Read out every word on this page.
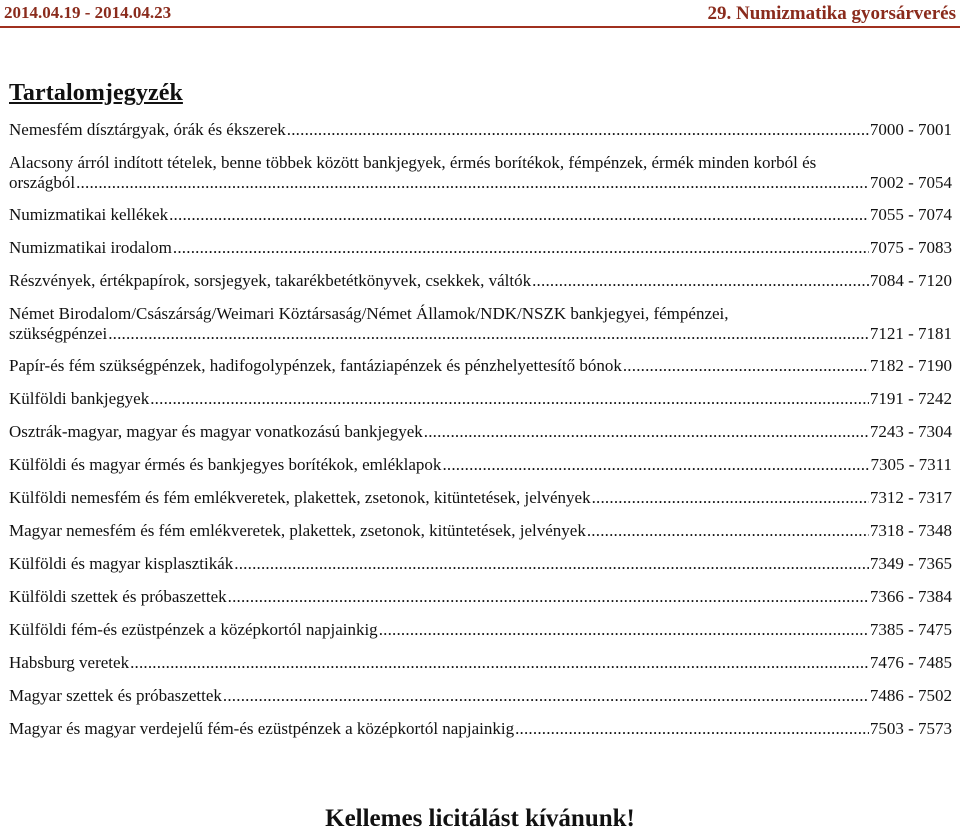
2014.04.19 - 2014.04.23	29. Numizmatika gyorsárverés
Tartalomjegyzék
Nemesfém dísztárgyak, órák és ékszerek .....	7000 - 7001
Alacsony árról indított tételek, benne többek között bankjegyek, érmés borítékok, fémpénzek, érmék minden korból és
országból .....	7002 - 7054
Numizmatikai kellékek .....	7055 - 7074
Numizmatikai irodalom .....	7075 - 7083
Részvények, értékpapírok, sorsjegyek, takarékbetétkönyvek, csekkek, váltók .....	7084 - 7120
Német Birodalom/Császárság/Weimari Köztársaság/Német Államok/NDK/NSZK bankjegyei, fémpénzei,
szükségpénzei .....	7121 - 7181
Papír-és fém szükségpénzek, hadifogolypénzek, fantáziapénzek és pénzhelyettesítő bónok .....	7182 - 7190
Külföldi bankjegyek .....	7191 - 7242
Osztrák-magyar, magyar és magyar vonatkozású bankjegyek .....	7243 - 7304
Külföldi és magyar érmés és bankjegyes borítékok, emléklapok .....	7305 - 7311
Külföldi nemesfém és fém emlékveretek, plakettek, zsetonok, kitüntetések, jelvények .....	7312 - 7317
Magyar nemesfém és fém emlékveretek, plakettek, zsetonok, kitüntetések, jelvények .....	7318 - 7348
Külföldi és magyar kisplasztikák .....	7349 - 7365
Külföldi szettek és próbaszettek .....	7366 - 7384
Külföldi fém-és ezüstpénzek a középkortól napjainkig .....	7385 - 7475
Habsburg veretek .....	7476 - 7485
Magyar szettek és próbaszettek .....	7486 - 7502
Magyar és magyar verdejelű fém-és ezüstpénzek a középkortól napjainkig .....	7503 - 7573
Kellemes licitálást kívánunk!
